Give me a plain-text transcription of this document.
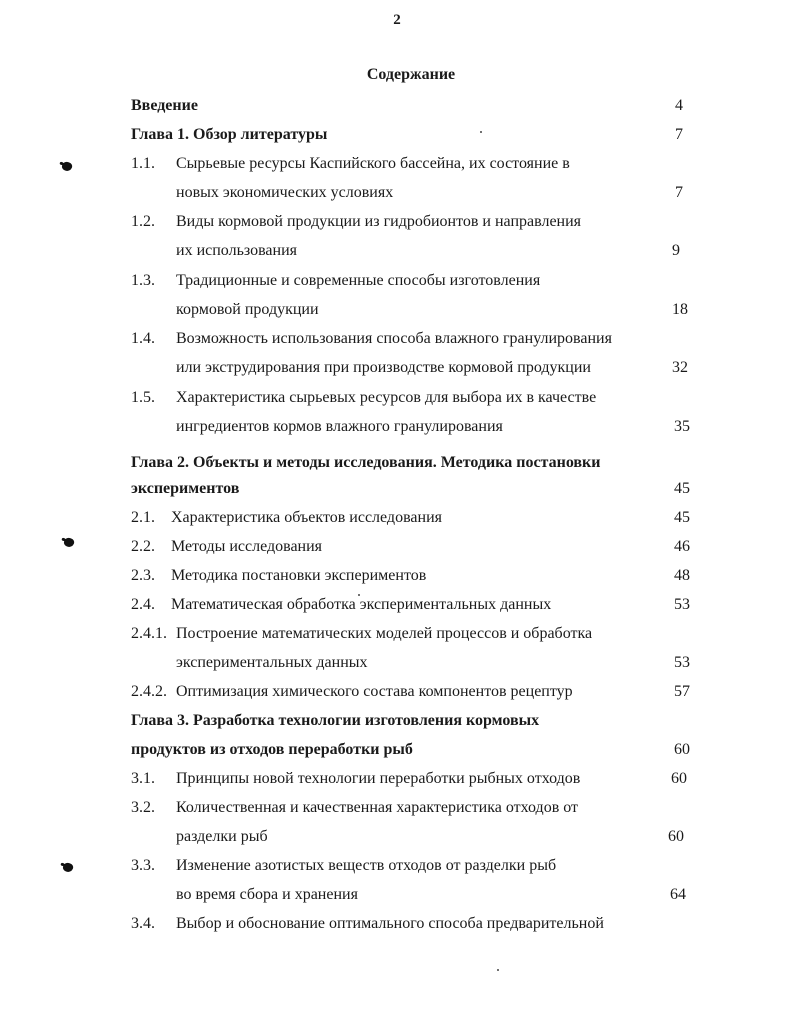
2
Содержание
Введение	4
Глава 1. Обзор литературы	7
1.1. Сырьевые ресурсы Каспийского бассейна, их состояние в
новых экономических условиях	7
1.2. Виды кормовой продукции из гидробионтов и направления
их использования	9
1.3. Традиционные и современные способы изготовления
кормовой продукции	18
1.4. Возможность использования способа влажного гранулирования
или экструдирования при производстве кормовой продукции	32
1.5. Характеристика сырьевых ресурсов для выбора их в качестве
ингредиентов кормов влажного гранулирования	35
Глава 2. Объекты и методы исследования. Методика постановки
экспериментов	45
2.1. Характеристика объектов исследования	45
2.2. Методы исследования	46
2.3. Методика постановки экспериментов	48
2.4. Математическая обработка экспериментальных данных	53
2.4.1. Построение математических моделей процессов и обработка
экспериментальных данных	53
2.4.2. Оптимизация химического состава компонентов рецептур	57
Глава 3. Разработка технологии изготовления кормовых
продуктов из отходов переработки рыб	60
3.1. Принципы новой технологии переработки рыбных отходов	60
3.2. Количественная и качественная характеристика отходов от
разделки рыб	60
3.3. Изменение азотистых веществ отходов от разделки рыб
во время сбора и хранения	64
3.4. Выбор и обоснование оптимального способа предварительной
